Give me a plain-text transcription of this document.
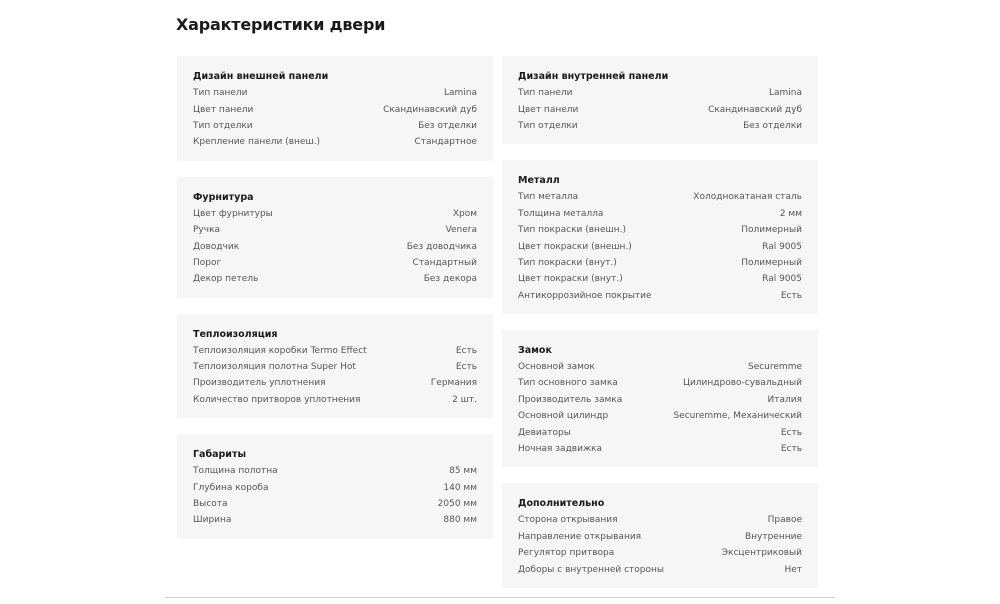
Характеристики двери
Дизайн внешней панели
Тип панели	Lamina
Цвет панели	Скандинавский дуб
Тип отделки	Без отделки
Крепление панели (внеш.)	Стандартное
Фурнитура
Цвет фурнитуры	Хром
Ручка	Venera
Доводчик	Без доводчика
Порог	Стандартный
Декор петель	Без декора
Теплоизоляция
Теплоизоляция коробки Termo Effect	Есть
Теплоизоляция полотна Super Hot	Есть
Производитель уплотнения	Германия
Количество притворов уплотнения	2 шт.
Габариты
Толщина полотна	85 мм
Глубина короба	140 мм
Высота	2050 мм
Ширина	880 мм
Дизайн внутренней панели
Тип панели	Lamina
Цвет панели	Скандинавский дуб
Тип отделки	Без отделки
Металл
Тип металла	Холоднокатаная сталь
Толщина металла	2 мм
Тип покраски (внешн.)	Полимерный
Цвет покраски (внешн.)	Ral 9005
Тип покраски (внут.)	Полимерный
Цвет покраски (внут.)	Ral 9005
Антикоррозийное покрытие	Есть
Замок
Основной замок	Securemme
Тип основного замка	Цилиндрово-сувальдный
Производитель замка	Италия
Основной цилиндр	Securemme, Механический
Девиаторы	Есть
Ночная задвижка	Есть
Дополнительно
Сторона открывания	Правое
Направление открывания	Внутренние
Регулятор притвора	Эксцентриковый
Доборы с внутренней стороны	Нет
